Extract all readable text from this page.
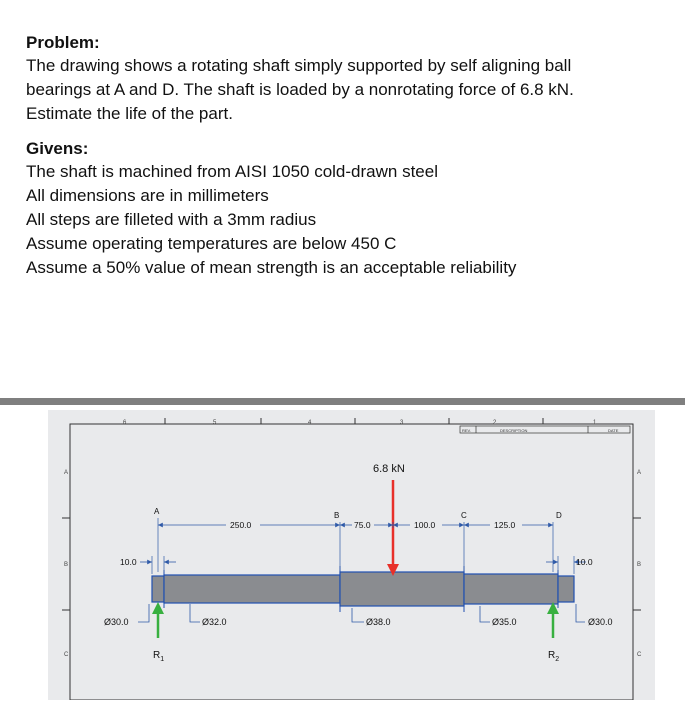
Problem:

The drawing shows a rotating shaft simply supported by self aligning ball

bearings at A and D. The shaft is loaded by a nonrotating force of 6.8 kN.

Estimate the life of the part.

Givens:

The shaft is machined from AISI 1050 cold-drawn steel

All dimensions are in millimeters

All steps are filleted with a 3mm radius

Assume operating temperatures are below 450 C

Assume a 50% value of mean strength is an acceptable reliability

6	5	4	3	2	1
A
B
C
A
B
C
REV.	DESCRIPTION	DATE
6.8 kN
$R_1$	$R_2$
A	B	C	D
250.0	75.0	100.0	125.0
10.0	10.0
Ø30.0	Ø32.0	Ø38.0	Ø35.0	Ø30.0
